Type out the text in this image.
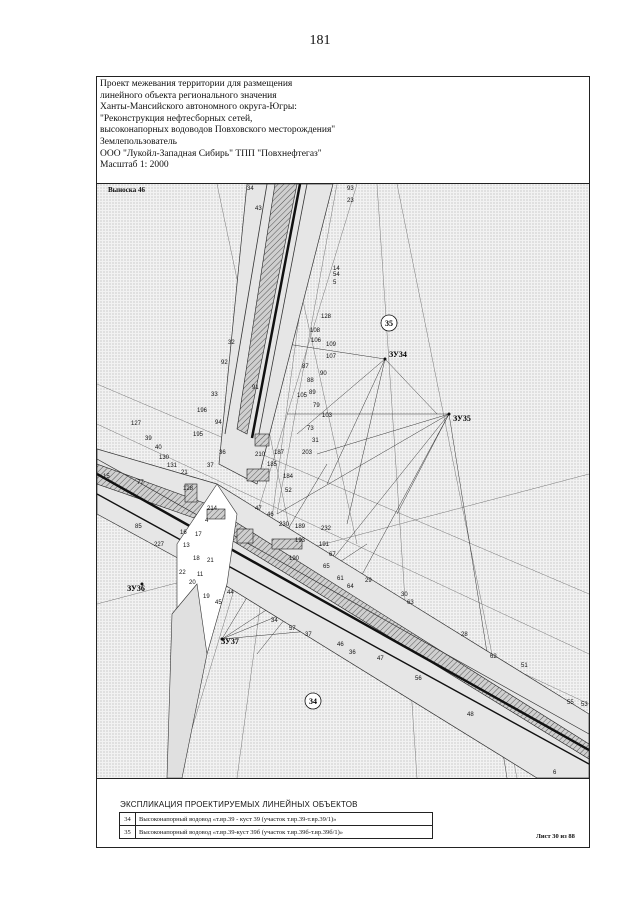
181
Проект межевания территории для размещения
линейного объекта регионального значения
Ханты-Мансийского автономного округа-Югры:
"Реконструкция нефтесборных сетей,
высоконапорных водоводов Повховского месторождения"
Землепользователь
ООО "Лукойл-Западная Сибирь" ТПП "Повхнефтегаз"
Масштаб 1: 2000
35
34
ЗУ34
ЗУ35
ЗУ36
ЗУ37
34
43
93
14
5
128
108
106
109
107
87
90
88
89
91
32
33
196
195
105
79
103
73
31
127
39
40
130
131
36
37
21
210 187	203
185
184
52
128
214
4
46
47
230 189	232
191
193
190
67
65
61	29
64
30
63
28
62
51
16 17
13
18 21
22 11
20
19
44
45
34
57
37
46
36
47
56
48
55 53
6
54
15
77
85
227
23
92
94
Выноска 46
ЭКСПЛИКАЦИЯ ПРОЕКТИРУЕМЫХ ЛИНЕЙНЫХ ОБЪЕКТОВ
34	Высоконапорный водовод «т.вр.39 - куст 39 (участок т.вр.39-т.вр.39/1)»
35	Высоконапорный водовод «т.вр.39-куст 39б (участок т.вр.39б-т.вр.39б/1)»
Лист 30 из 88
